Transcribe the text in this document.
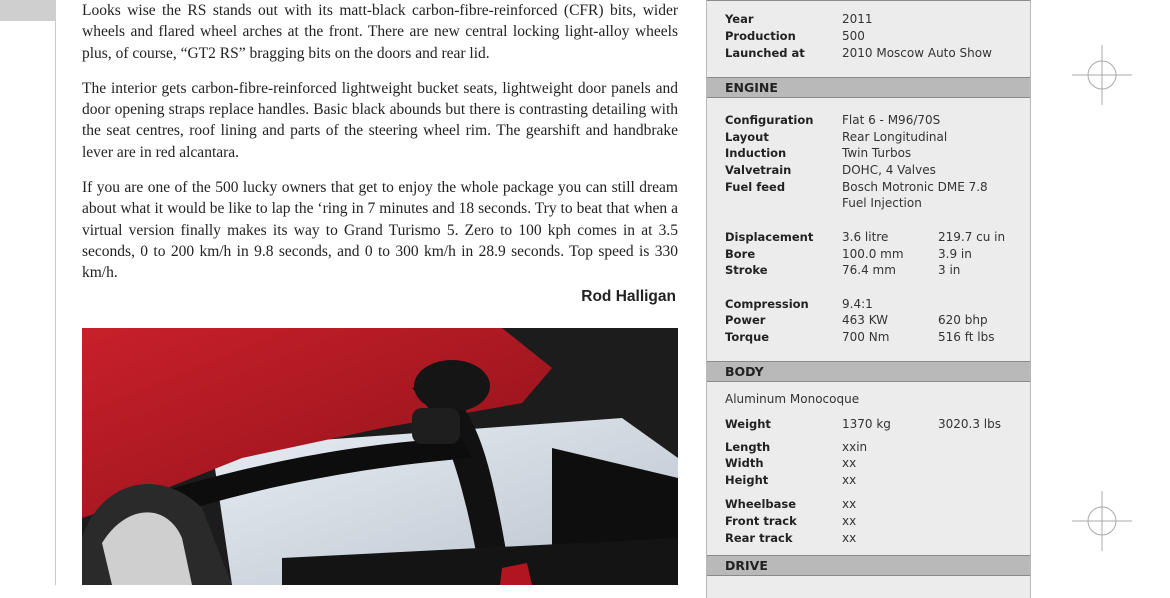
Looks wise the RS stands out with its matt-black carbon-fibre-reinforced (CFR) bits, wider wheels and flared wheel arches at the front. There are new central locking light-alloy wheels plus, of course, “GT2 RS” bragging bits on the doors and rear lid.

The interior gets carbon-fibre-reinforced lightweight bucket seats, lightweight door panels and door opening straps replace handles. Basic black abounds but there is contrasting detailing with the seat centres, roof lining and parts of the steering wheel rim. The gearshift and handbrake lever are in red alcantara.

If you are one of the 500 lucky owners that get to enjoy the whole package you can still dream about what it would be like to lap the ‘ring in 7 minutes and 18 seconds. Try to beat that when a virtual version finally makes its way to Grand Turismo 5. Zero to 100 kph comes in at 3.5 seconds, 0 to 200 km/h in 9.8 seconds, and 0 to 300 km/h in 28.9 seconds. Top speed is 330 km/h.

Rod Halligan
Year	2011
Production	500
Launched at	2010 Moscow Auto Show
ENGINE
Configuration	Flat 6 - M96/70S
Layout	Rear Longitudinal
Induction	Twin Turbos
Valvetrain	DOHC, 4 Valves
Fuel feed	Bosch Motronic DME 7.8
Fuel Injection
Displacement	3.6 litre	219.7 cu in
Bore	100.0 mm	3.9 in
Stroke	76.4 mm	3 in
Compression	9.4:1
Power	463 KW	620 bhp
Torque	700 Nm	516 ft lbs
BODY
Aluminum Monocoque
Weight	1370 kg	3020.3 lbs
Length	xxin
Width	xx
Height	xx
Wheelbase	xx
Front track	xx
Rear track	xx
DRIVE
